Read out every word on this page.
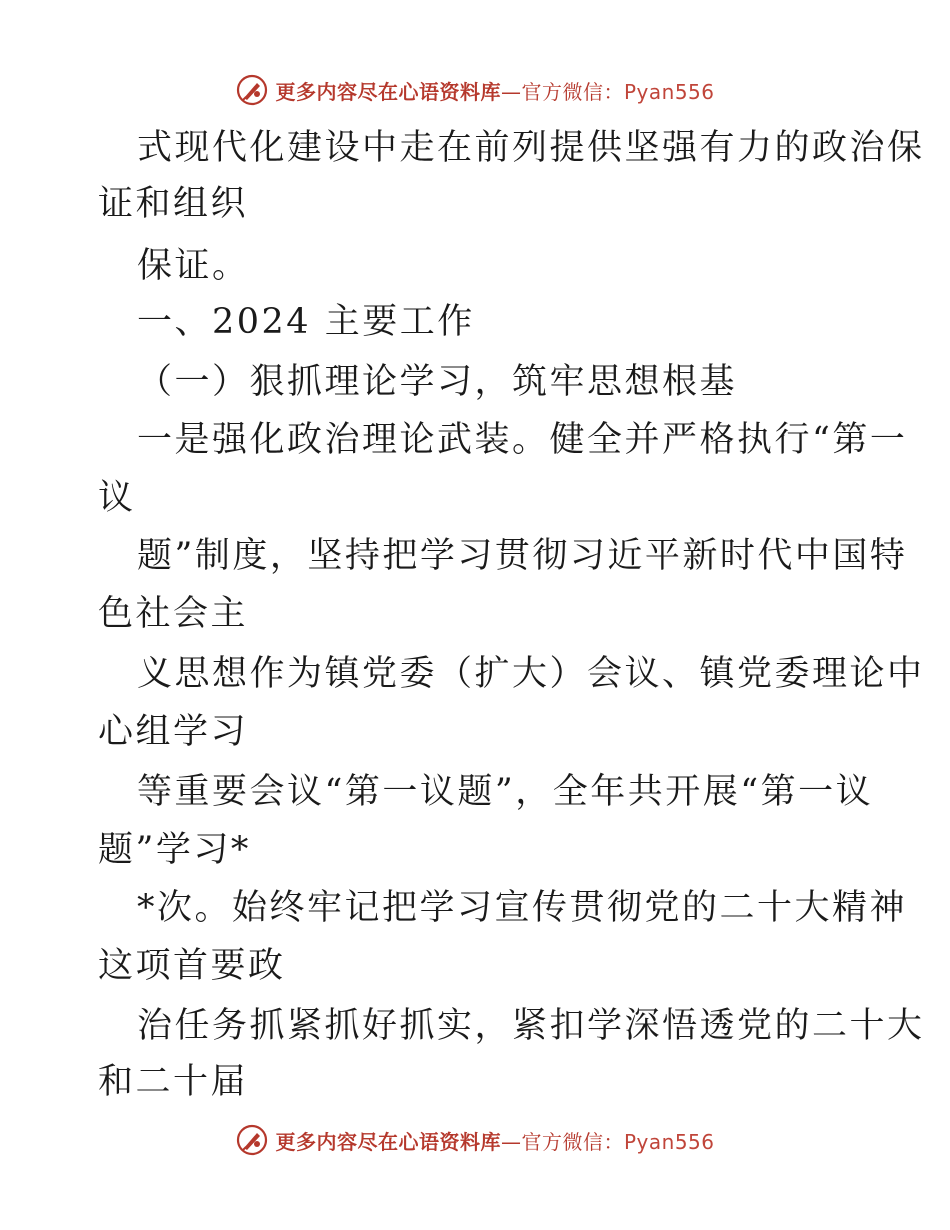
更多内容尽在心语资料库—官方微信：Pyan556
式现代化建设中走在前列提供坚强有力的政治保
证和组织
保证。
一、2024 主要工作
（一）狠抓理论学习，筑牢思想根基
一是强化政治理论武装。健全并严格执行“第一
议
题”制度，坚持把学习贯彻习近平新时代中国特
色社会主
义思想作为镇党委（扩大）会议、镇党委理论中
心组学习
等重要会议“第一议题”，全年共开展“第一议
题”学习*
*次。始终牢记把学习宣传贯彻党的二十大精神
这项首要政
治任务抓紧抓好抓实，紧扣学深悟透党的二十大
和二十届
更多内容尽在心语资料库—官方微信：Pyan556
